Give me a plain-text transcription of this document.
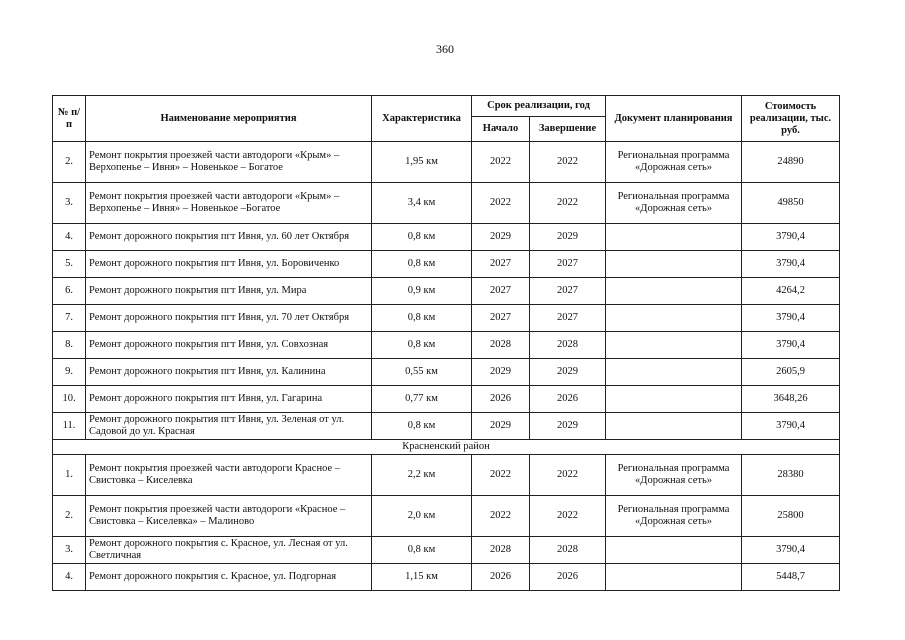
360
№ п/п	Наименование мероприятия	Характеристика	Срок реализации, год		Документ планирования	Стоимость реализации, тыс. руб.
			Начало	Завершение		
2.	Ремонт покрытия проезжей части автодороги «Крым» – Верхопенье – Ивня» – Новенькое – Богатое	1,95 км	2022	2022	Региональная программа «Дорожная сеть»	24890
3.	Ремонт покрытия проезжей части автодороги «Крым» – Верхопенье – Ивня» – Новенькое –Богатое	3,4 км	2022	2022	Региональная программа «Дорожная сеть»	49850
4.	Ремонт дорожного покрытия пгт Ивня, ул. 60 лет Октября	0,8 км	2029	2029		3790,4
5.	Ремонт дорожного покрытия пгт Ивня, ул. Боровиченко	0,8 км	2027	2027		3790,4
6.	Ремонт дорожного покрытия пгт Ивня, ул. Мира	0,9 км	2027	2027		4264,2
7.	Ремонт дорожного покрытия пгт Ивня, ул. 70 лет Октября	0,8 км	2027	2027		3790,4
8.	Ремонт дорожного покрытия пгт Ивня, ул. Совхозная	0,8 км	2028	2028		3790,4
9.	Ремонт дорожного покрытия пгт Ивня, ул. Калинина	0,55 км	2029	2029		2605,9
10.	Ремонт дорожного покрытия пгт Ивня, ул. Гагарина	0,77 км	2026	2026		3648,26
11.	Ремонт дорожного покрытия пгт Ивня, ул. Зеленая от ул. Садовой до ул. Красная	0,8 км	2029	2029		3790,4
Красненский район						
1.	Ремонт покрытия проезжей части автодороги Красное – Свистовка – Киселевка	2,2 км	2022	2022	Региональная программа «Дорожная сеть»	28380
2.	Ремонт покрытия проезжей части автодороги «Красное – Свистовка – Киселевка» – Малиново	2,0 км	2022	2022	Региональная программа «Дорожная сеть»	25800
3.	Ремонт дорожного покрытия с. Красное, ул. Лесная от ул. Светличная	0,8 км	2028	2028		3790,4
4.	Ремонт дорожного покрытия с. Красное, ул. Подгорная	1,15 км	2026	2026		5448,7
